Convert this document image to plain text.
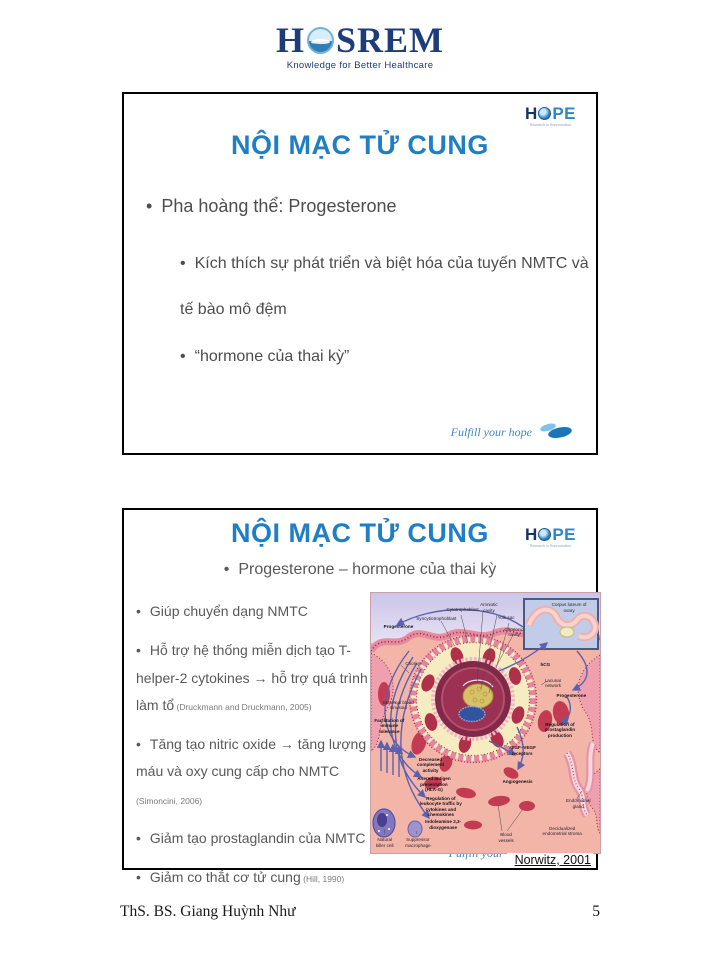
H SREM
Knowledge for Better Healthcare
H PE
Research in Reproduction
NỘI MẠC TỬ CUNG
• Pha hoàng thể: Progesterone
• Kích thích sự phát triển và biệt hóa của tuyến NMTC và tế bào mô đệm
• “hormone của thai kỳ”
Fulfill your hope
H PE
Research in Reproduction
NỘI MẠC TỬ CUNG
• Progesterone – hormone của thai kỳ
• Giúp chuyển dạng NMTC
• Hỗ trợ hệ thống miễn dịch tạo T-helper-2 cytokines → hỗ trợ quá trình làm tổ (Druckmann and Druckmann, 2005)
• Tăng tạo nitric oxide → tăng lượng máu và oxy cung cấp cho NMTC (Simoncini, 2006)
• Giảm tạo prostaglandin của NMTC
• Giảm co thắt cơ tử cung (Hill, 1990)
Progesterone
Syncytiotrophoblast
Cytotrophoblast
Amniotic cavity
Yolk sac
Chorionic cavity
Corpus luteum of ovary
Chorion
Maternal blood sinusoid
Facilitation of immune tolerance
hCG
Lacunar network
Progesterone
Regulation of prostaglandin production
VEGF–VEGF receptors
Angiogenesis
Decreased complement activity
Altered antigen presentation (HLA-G)
Regulation of leukocyte traffic by cytokines and chemokines
Indoleamine 2,3-dioxygenase
Natural killer cell
Suppressor macrophage
Blood vessels
Endometrial gland
Decidualized endometrial stroma
Norwitz, 2001
ThS. BS. Giang Huỳnh Như	5
